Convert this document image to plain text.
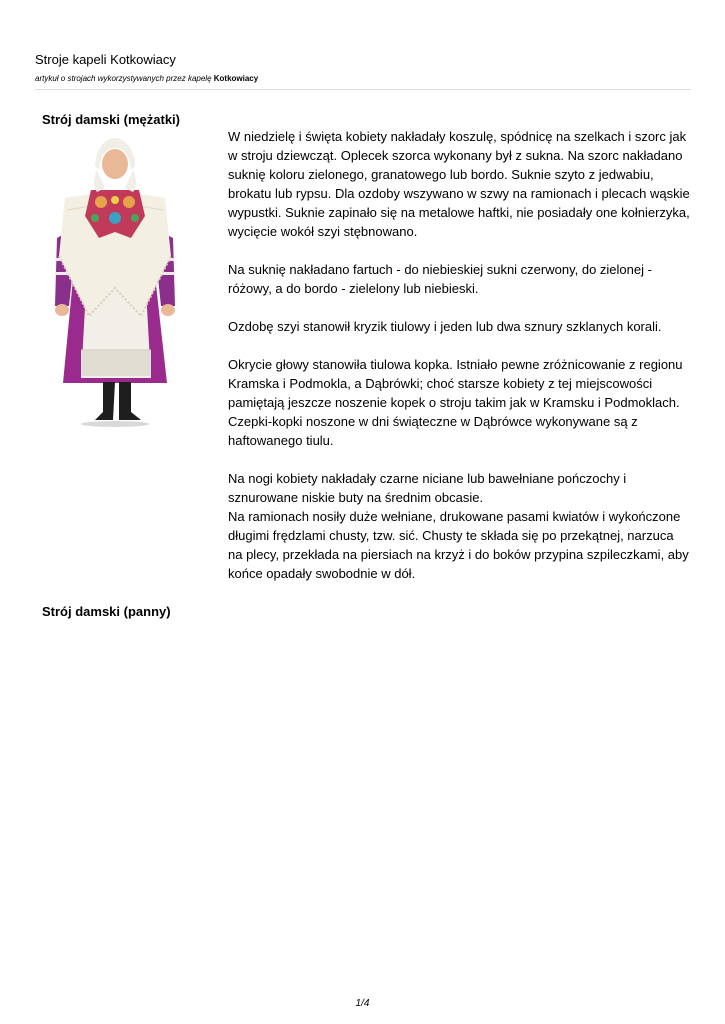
Stroje kapeli Kotkowiacy
artykuł o strojach wykorzystywanych przez kapelę Kotkowiacy
Strój damski (mężatki)

W niedzielę i święta kobiety nakładały koszulę, spódnicę na szelkach i szorc jak w stroju dziewcząt. Oplecek szorca wykonany był z sukna. Na szorc nakładano suknię koloru zielonego, granatowego lub bordo. Suknie szyto z jedwabiu, brokatu lub rypsu. Dla ozdoby wszywano w szwy na ramionach i plecach wąskie wypustki. Suknie zapinało się na metalowe haftki, nie posiadały one kołnierzyka, wycięcie wokół szyi stębnowano.

Na suknię nakładano fartuch - do niebieskiej sukni czerwony, do zielonej - różowy, a do bordo - zielelony lub niebieski.

Ozdobę szyi stanowił kryzik tiulowy i jeden lub dwa sznury szklanych korali.

Okrycie głowy stanowiła tiulowa kopka. Istniało pewne zróżnicowanie z regionu Kramska i Podmokla, a Dąbrówki; choć starsze kobiety z tej miejscowości pamiętają jeszcze noszenie kopek o stroju takim jak w Kramsku i Podmoklach. Czepki-kopki noszone w dni świąteczne w Dąbrówce wykonywane są z haftowanego tiulu.

Na nogi kobiety nakładały czarne niciane lub bawełniane pończochy i sznurowane niskie buty na średnim obcasie.

Na ramionach nosiły duże wełniane, drukowane pasami kwiatów i wykończone długimi frędzlami chusty, tzw. sić. Chusty te składa się po przekątnej, narzuca na plecy, przekłada na piersiach na krzyż i do boków przypina szpileczkami, aby końce opadały swobodnie w dół.

Strój damski (panny)
1/4
